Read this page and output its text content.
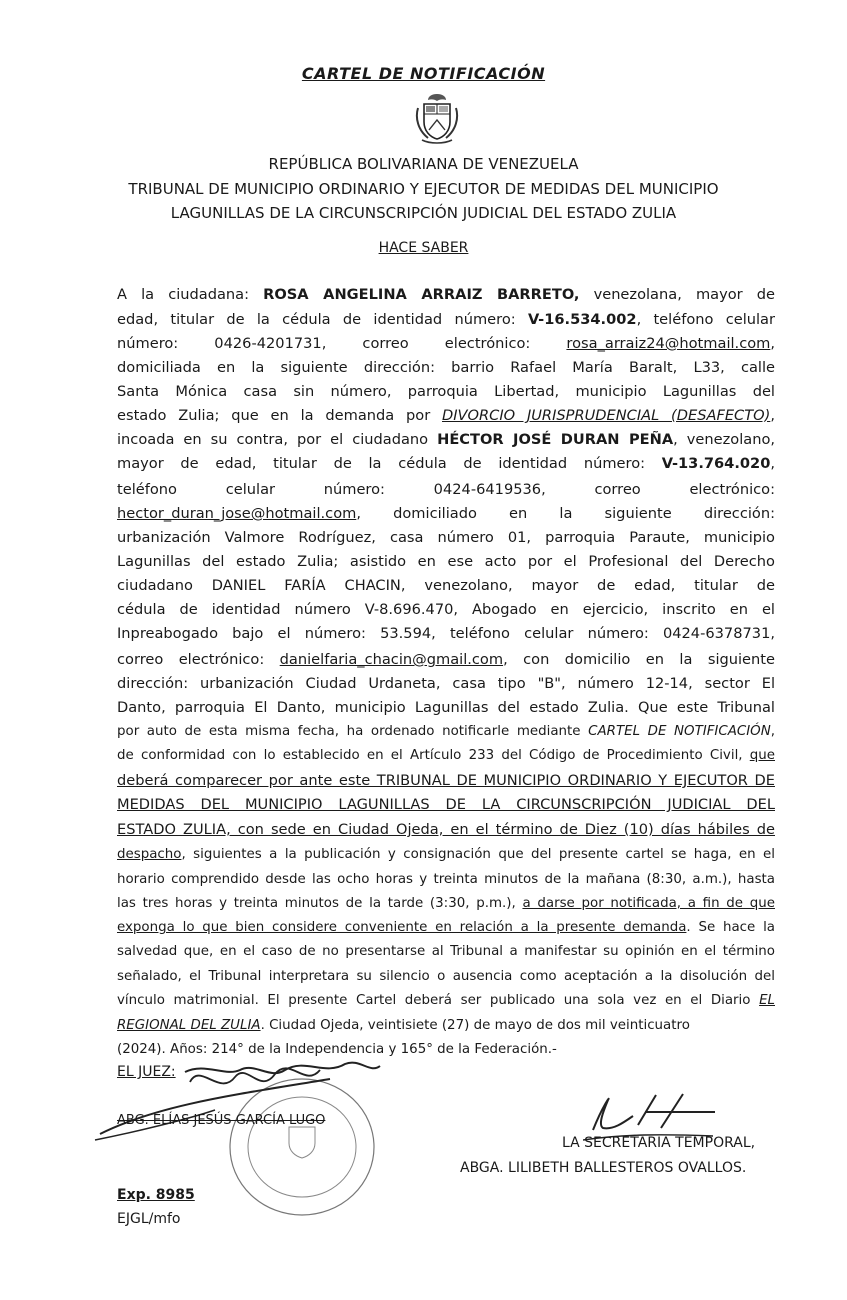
CARTEL DE NOTIFICACIÓN
REPÚBLICA BOLIVARIANA DE VENEZUELA
TRIBUNAL DE MUNICIPIO ORDINARIO Y EJECUTOR DE MEDIDAS DEL MUNICIPIO
LAGUNILLAS DE LA CIRCUNSCRIPCIÓN JUDICIAL DEL ESTADO ZULIA
HACE SABER
A la ciudadana: ROSA ANGELINA ARRAIZ BARRETO, venezolana, mayor de
edad, titular de la cédula de identidad número: V-16.534.002, teléfono celular
número:   0426-4201731,   correo   electrónico:   rosa_arraiz24@hotmail.com,
domiciliada en la siguiente dirección: barrio Rafael María Baralt, L33, calle
Santa Mónica casa sin número, parroquia Libertad, municipio Lagunillas del
estado Zulia; que en la demanda por DIVORCIO JURISPRUDENCIAL (DESAFECTO),
incoada en su contra, por el ciudadano HÉCTOR JOSÉ DURAN PEÑA, venezolano,
mayor de edad, titular de la cédula de identidad número: V-13.764.020,
teléfono      celular      número:      0424-6419536,      correo      electrónico:
hector_duran_jose@hotmail.com,    domiciliado    en    la    siguiente    dirección:
urbanización Valmore Rodríguez, casa número 01, parroquia Paraute, municipio
Lagunillas del estado Zulia; asistido en ese acto por el Profesional del Derecho
ciudadano DANIEL FARÍA CHACIN, venezolano, mayor de edad, titular de
cédula de identidad número V-8.696.470, Abogado en ejercicio, inscrito en el
Inpreabogado bajo el número: 53.594, teléfono celular número: 0424-6378731,
correo electrónico: danielfaria_chacin@gmail.com, con domicilio en la siguiente
dirección: urbanización Ciudad Urdaneta, casa tipo "B", número 12-14, sector El
Danto, parroquia El Danto, municipio Lagunillas del estado Zulia. Que este Tribunal
por auto de esta misma fecha, ha ordenado notificarle mediante CARTEL DE NOTIFICACIÓN,
de conformidad con lo establecido en el Artículo 233 del Código de Procedimiento Civil, que
deberá comparecer por ante este TRIBUNAL DE MUNICIPIO ORDINARIO Y EJECUTOR DE
MEDIDAS DEL MUNICIPIO LAGUNILLAS DE LA CIRCUNSCRIPCIÓN JUDICIAL DEL
ESTADO ZULIA, con sede en Ciudad Ojeda, en el término de Diez (10) días hábiles de
despacho, siguientes a la publicación y consignación que del presente cartel se haga, en el
horario comprendido desde las ocho horas y treinta minutos de la mañana (8:30, a.m.), hasta
las tres horas y treinta minutos de la tarde (3:30, p.m.), a darse por notificada, a fin de que
exponga lo que bien considere conveniente en relación a la presente demanda. Se hace la
salvedad que, en el caso de no presentarse al Tribunal a manifestar su opinión en el término
señalado, el Tribunal interpretara su silencio o ausencia como aceptación a la disolución del
vínculo matrimonial. El presente Cartel deberá ser publicado una sola vez en el Diario EL
REGIONAL DEL ZULIA. Ciudad Ojeda, veintisiete (27) de mayo de dos mil veinticuatro
(2024). Años: 214° de la Independencia y 165° de la Federación.-
EL JUEZ:
ABG. ELÍAS JESÚS GARCÍA LUGO
LA SECRETARIA TEMPORAL,
ABGA. LILIBETH BALLESTEROS OVALLOS.
Exp. 8985
EJGL/mfo
